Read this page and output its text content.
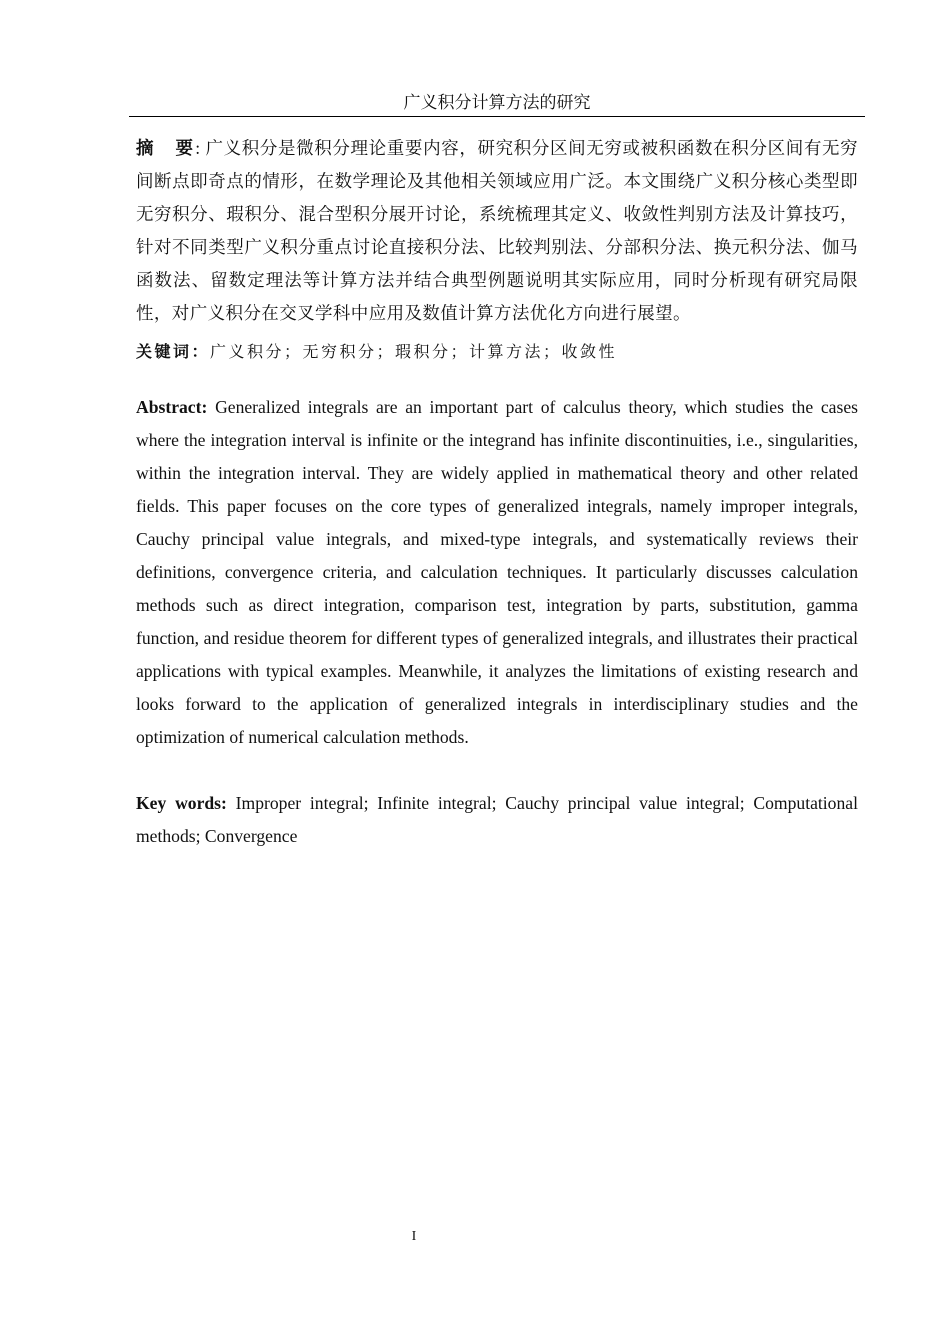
广义积分计算方法的研究

摘　要: 广义积分是微积分理论重要内容，研究积分区间无穷或被积函数在积分区间有无穷间断点即奇点的情形，在数学理论及其他相关领域应用广泛。本文围绕广义积分核心类型即无穷积分、瑕积分、混合型积分展开讨论，系统梳理其定义、收敛性判别方法及计算技巧，针对不同类型广义积分重点讨论直接积分法、比较判别法、分部积分法、换元积分法、伽马函数法、留数定理法等计算方法并结合典型例题说明其实际应用，同时分析现有研究局限性，对广义积分在交叉学科中应用及数值计算方法优化方向进行展望。

关键词：广义积分；无穷积分；瑕积分；计算方法；收敛性

Abstract: Generalized integrals are an important part of calculus theory, which studies the cases where the integration interval is infinite or the integrand has infinite discontinuities, i.e., singularities, within the integration interval. They are widely applied in mathematical theory and other related fields. This paper focuses on the core types of generalized integrals, namely improper integrals, Cauchy principal value integrals, and mixed-type integrals, and systematically reviews their definitions, convergence criteria, and calculation techniques. It particularly discusses calculation methods such as direct integration, comparison test, integration by parts, substitution, gamma function, and residue theorem for different types of generalized integrals, and illustrates their practical applications with typical examples. Meanwhile, it analyzes the limitations of existing research and looks forward to the application of generalized integrals in interdisciplinary studies and the optimization of numerical calculation methods.

Key words: Improper integral; Infinite integral; Cauchy principal value integral; Computational methods; Convergence

I
